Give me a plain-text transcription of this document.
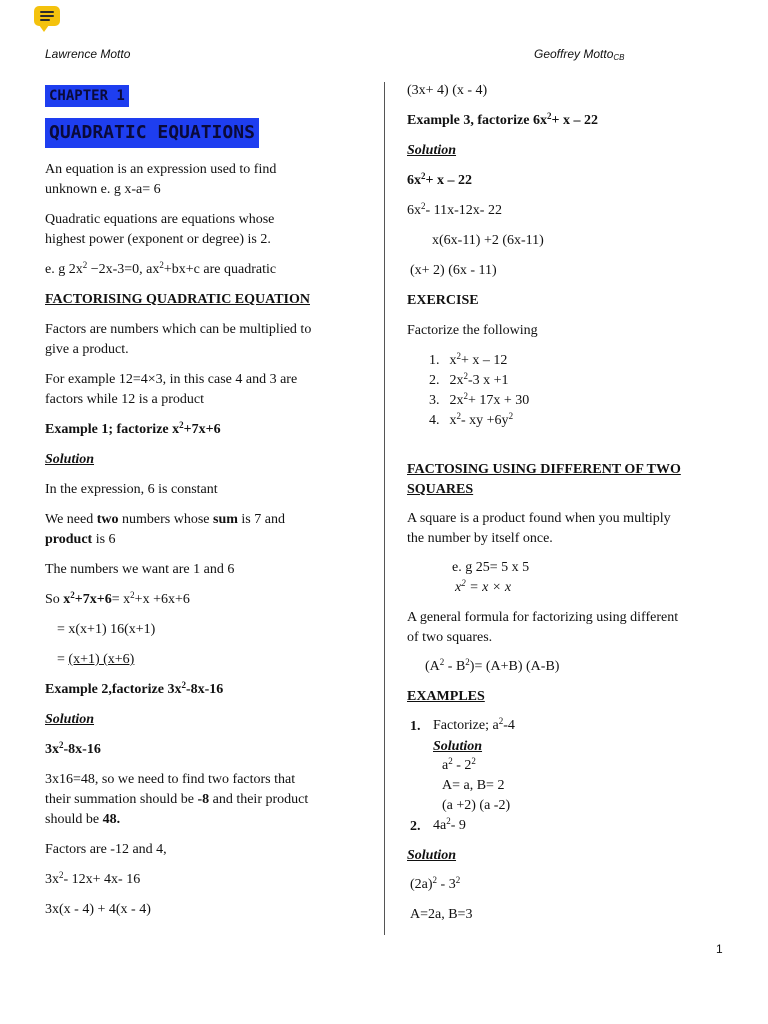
Lawrence Motto	Geoffrey Motto$_{CB}$
CHAPTER 1
QUADRATIC EQUATIONS
An equation is an expression used to find
unknown e. g x-a= 6
Quadratic equations are equations whose
highest power (exponent or degree) is 2.
e. g $2x^2 -2x-3=0$, $ax^2+bx+c$ are quadratic
FACTORISING QUADRATIC EQUATION
Factors are numbers which can be multiplied to
give a product.
For example 12=4×3, in this case 4 and 3 are
factors while 12 is a product
Example 1; factorize $x^2+7x+6$
Solution
In the expression, 6 is constant
We need two numbers whose sum is 7 and
product is 6
The numbers we want are 1 and 6
So $x^2+7x+6= x^2+x +6x+6$
= x(x+1) 16(x+1)
= (x+1) (x+6)
Example 2,factorize $3x^2-8x-16$
Solution
$3x^2-8x-16$
3x16=48, so we need to find two factors that
their summation should be -8 and their product
should be 48.
Factors are -12 and 4,
$3x^2-$ 12x+ 4x- 16
3x(x - 4) + 4(x - 4)
(3x+ 4) (x - 4)
Example 3, factorize $6x^2+ x - 22$
Solution
$6x^2+ x - 22$
$6x^2-$ 11x-12x- 22
x(6x-11) +2 (6x-11)
(x+ 2) (6x - 11)
EXERCISE
Factorize the following
1. $x^2+ x - 12$
2. $2x^2-3$ x +1
3. $2x^2+ 17x + 30$
4. $x^2-$ xy $+6y^2$
FACTOSING USING DIFFERENT OF TWO
SQUARES
A square is a product found when you multiply
the number by itself once.
e. g 25= 5 x 5
$x^2 = x \times x$
A general formula for factorizing using different
of two squares.
$(A^2 - B^2)= (A+B)$ (A-B)
EXAMPLES
1. Factorize; $a^2-4$
Solution
$a^2 - 2^2$
A= a, B= 2
(a +2) (a -2)
2. $4a^2-$ 9
Solution
$(2a)^2 - 3^2$
A=2a, B=3
1
